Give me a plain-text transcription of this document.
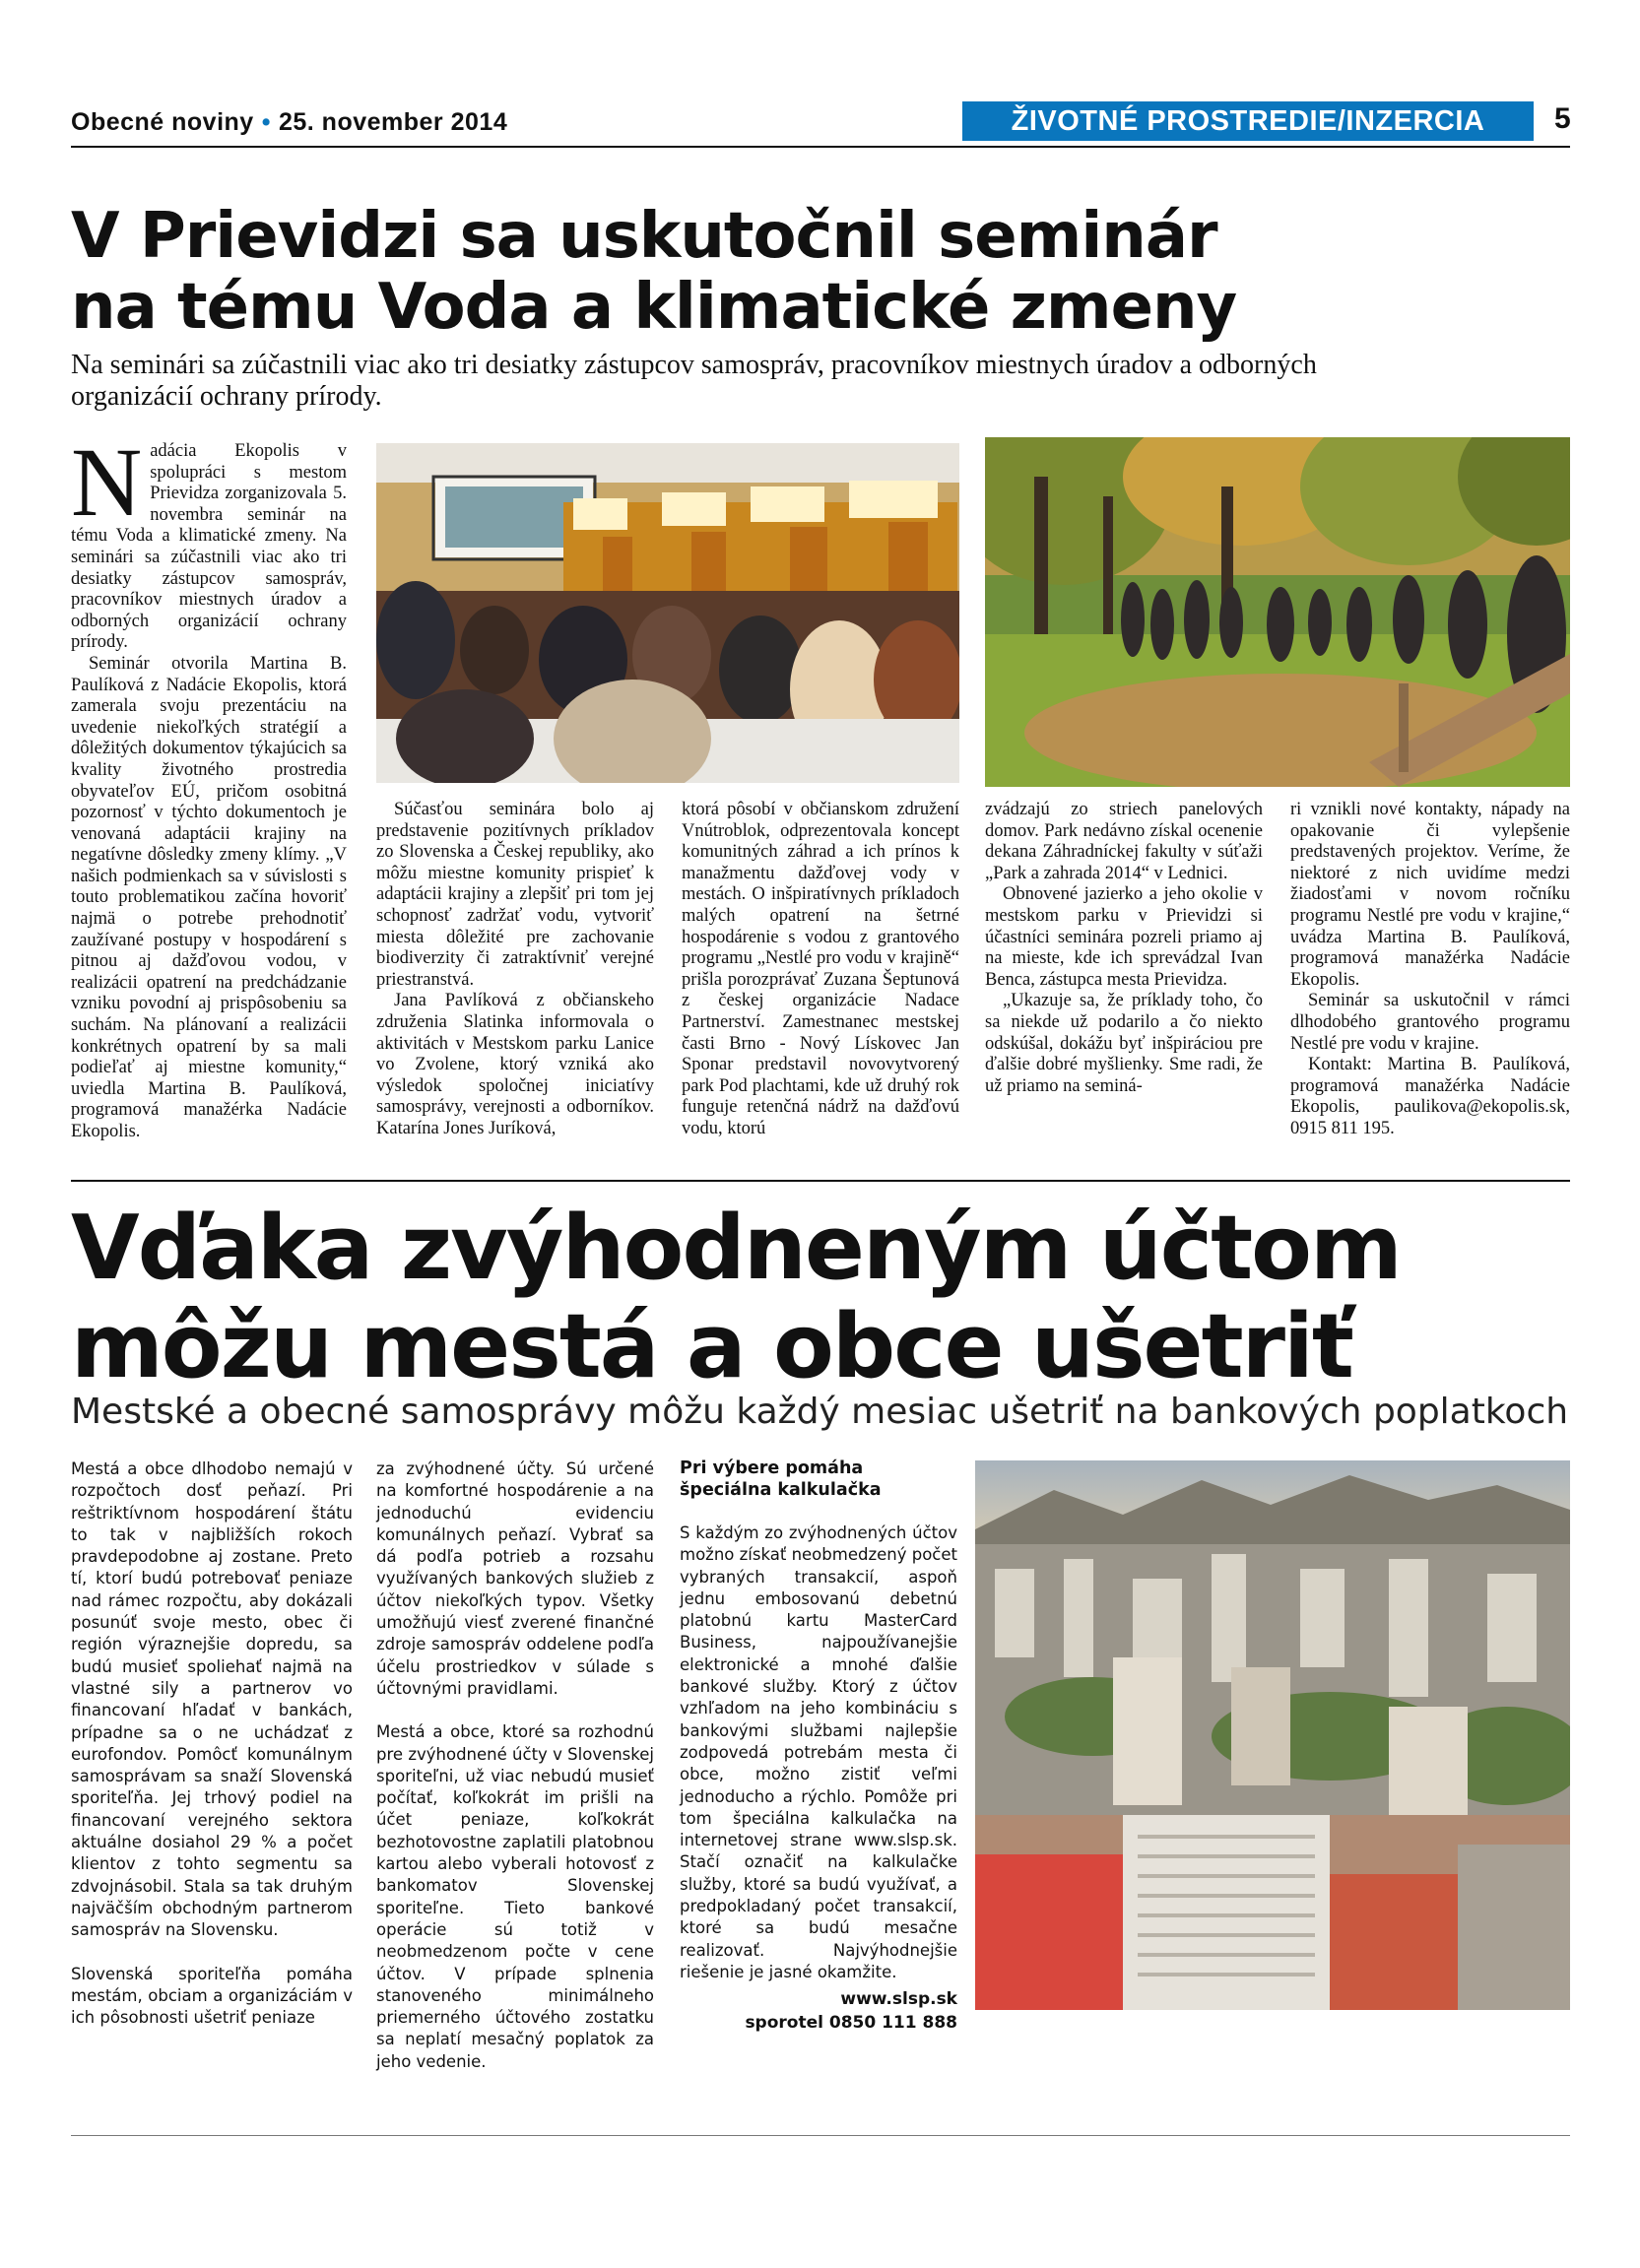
Obecné noviny • 25. november 2014	ŽIVOTNÉ PROSTREDIE/INZERCIA	5
V Prievidzi sa uskutočnil seminár
na tému Voda a klimatické zmeny
Na seminári sa zúčastnili viac ako tri desiatky zástupcov samospráv, pracovníkov miestnych úradov a odborných organizácií ochrany prírody.

Nadácia Ekopolis v spolupráci s mestom Prievidza zorganizovala 5. novembra seminár na tému Voda a klimatické zmeny. Na seminári sa zúčastnili viac ako tri desiatky zástupcov samospráv, pracovníkov miestnych úradov a odborných organizácií ochrany prírody.

Seminár otvorila Martina B. Paulíková z Nadácie Ekopolis, ktorá zamerala svoju prezentáciu na uvedenie niekoľkých stratégií a dôležitých dokumentov týkajúcich sa kvality životného prostredia obyvateľov EÚ, pričom osobitná pozornosť v týchto dokumentoch je venovaná adaptácii krajiny na negatívne dôsledky zmeny klímy. „V našich podmienkach sa v súvislosti s touto problematikou začína hovoriť najmä o potrebe prehodnotiť zaužívané postupy v hospodárení s pitnou aj dažďovou vodou, v realizácii opatrení na predchádzanie vzniku povodní aj prispôsobeniu sa suchám. Na plánovaní a realizácii konkrétnych opatrení by sa mali podieľať aj miestne komunity,“ uviedla Martina B. Paulíková, programová manažérka Nadácie Ekopolis.

Súčasťou seminára bolo aj predstavenie pozitívnych príkladov zo Slovenska a Českej republiky, ako môžu miestne komunity prispieť k adaptácii krajiny a zlepšiť pri tom jej schopnosť zadržať vodu, vytvoriť miesta dôležité pre zachovanie biodiverzity či zatraktívniť verejné priestranstvá.

Jana Pavlíková z občianskeho združenia Slatinka informovala o aktivitách v Mestskom parku Lanice vo Zvolene, ktorý vzniká ako výsledok spoločnej iniciatívy samosprávy, verejnosti a odborníkov. Katarína Jones Juríková,

ktorá pôsobí v občianskom združení Vnútroblok, odprezentovala koncept komunitných záhrad a ich prínos k manažmentu dažďovej vody v mestách. O inšpiratívnych príkladoch malých opatrení na šetrné hospodárenie s vodou z grantového programu „Nestlé pro vodu v krajině“ prišla porozprávať Zuzana Šeptunová z českej organizácie Nadace Partnerství. Zamestnanec mestskej časti Brno - Nový Lískovec Jan Sponar predstavil novovytvorený park Pod plachtami, kde už druhý rok funguje retenčná nádrž na dažďovú vodu, ktorú

zvádzajú zo striech panelových domov. Park nedávno získal ocenenie dekana Záhradníckej fakulty v súťaži „Park a zahrada 2014“ v Lednici.

Obnovené jazierko a jeho okolie v mestskom parku v Prievidzi si účastníci seminára pozreli priamo aj na mieste, kde ich sprevádzal Ivan Benca, zástupca mesta Prievidza.

„Ukazuje sa, že príklady toho, čo sa niekde už podarilo a čo niekto odskúšal, dokážu byť inšpiráciou pre ďalšie dobré myšlienky. Sme radi, že už priamo na seminá-

ri vznikli nové kontakty, nápady na opakovanie či vylepšenie predstavených projektov. Veríme, že niektoré z nich uvidíme medzi žiadosťami v novom ročníku programu Nestlé pre vodu v krajine,“ uvádza Martina B. Paulíková, programová manažérka Nadácie Ekopolis.

Seminár sa uskutočnil v rámci dlhodobého grantového programu Nestlé pre vodu v krajine.

Kontakt: Martina B. Paulíková, programová manažérka Nadácie Ekopolis, paulikova@ekopolis.sk, 0915 811 195.

Vďaka zvýhodneným účtom
môžu mestá a obce ušetriť
Mestské a obecné samosprávy môžu každý mesiac ušetriť na bankových poplatkoch

Mestá a obce dlhodobo nemajú v rozpočtoch dosť peňazí. Pri reštriktívnom hospodárení štátu to tak v najbližších rokoch pravdepodobne aj zostane. Preto tí, ktorí budú potrebovať peniaze nad rámec rozpočtu, aby dokázali posunúť svoje mesto, obec či región výraznejšie dopredu, sa budú musieť spoliehať najmä na vlastné sily a partnerov vo financovaní hľadať v bankách, prípadne sa o ne uchádzať z eurofondov. Pomôcť komunálnym samosprávam sa snaží Slovenská sporiteľňa. Jej trhový podiel na financovaní verejného sektora aktuálne dosiahol 29 % a počet klientov z tohto segmentu sa zdvojnásobil. Stala sa tak druhým najväčším obchodným partnerom samospráv na Slovensku.

Slovenská sporiteľňa pomáha mestám, obciam a organizáciám v ich pôsobnosti ušetriť peniaze

za zvýhodnené účty. Sú určené na komfortné hospodárenie a na jednoduchú evidenciu komunálnych peňazí. Vybrať sa dá podľa potrieb a rozsahu využívaných bankových služieb z účtov niekoľkých typov. Všetky umožňujú viesť zverené finančné zdroje samospráv oddelene podľa účelu prostriedkov v súlade s účtovnými pravidlami.

Mestá a obce, ktoré sa rozhodnú pre zvýhodnené účty v Slovenskej sporiteľni, už viac nebudú musieť počítať, koľkokrát im prišli na účet peniaze, koľkokrát bezhotovostne zaplatili platobnou kartou alebo vyberali hotovosť z bankomatov Slovenskej sporiteľne. Tieto bankové operácie sú totiž v neobmedzenom počte v cene účtov. V prípade splnenia stanoveného minimálneho priemerného účtového zostatku sa neplatí mesačný poplatok za jeho vedenie.

Pri výbere pomáha špeciálna kalkulačka

S každým zo zvýhodnených účtov možno získať neobmedzený počet vybraných transakcií, aspoň jednu embosovanú debetnú platobnú kartu MasterCard Business, najpoužívanejšie elektronické a mnohé ďalšie bankové služby. Ktorý z účtov vzhľadom na jeho kombináciu s bankovými službami najlepšie zodpovedá potrebám mesta či obce, možno zistiť veľmi jednoducho a rýchlo. Pomôže pri tom špeciálna kalkulačka na internetovej strane www.slsp.sk. Stačí označiť na kalkulačke služby, ktoré sa budú využívať, a predpokladaný počet transakcií, ktoré sa budú mesačne realizovať. Najvýhodnejšie riešenie je jasné okamžite.

www.slsp.sk
sporotel 0850 111 888
